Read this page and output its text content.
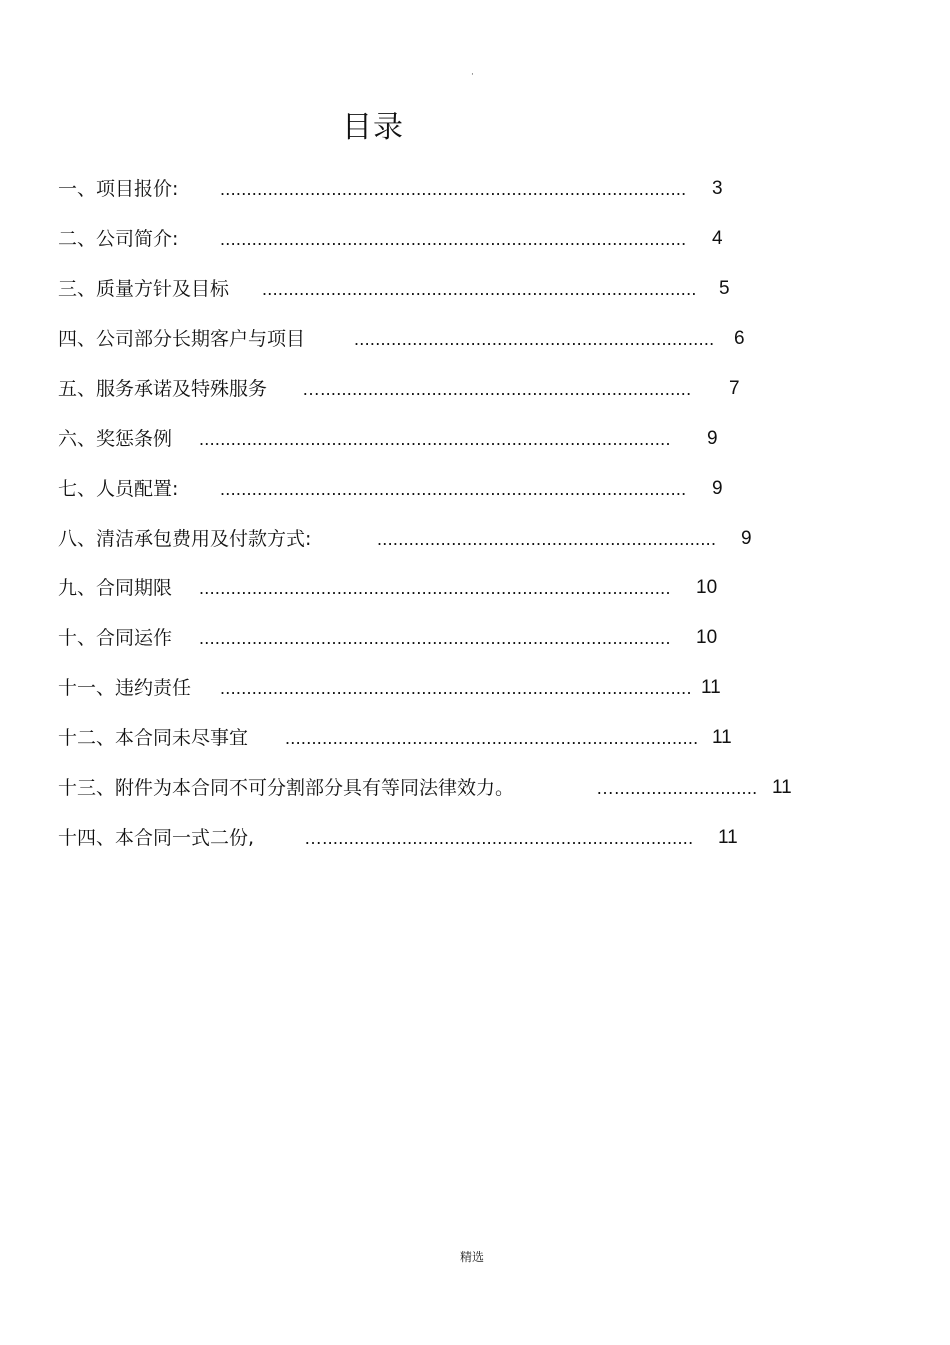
·
目录
一、项目报价: ........................................................................................	3
二、公司简介: ........................................................................................	4
三、质量方针及目标 ..................................................................................	5
四、公司部分长期客户与项目	....................................................................	6
五、服务承诺及特殊服务 …......................................................................	7
六、奖惩条例 .........................................................................................	9
七、人员配置: ........................................................................................	9
八、清洁承包费用及付款方式:	................................................................	9
九、合同期限 .........................................................................................	10
十、合同运作 .........................................................................................	10
十一、违约责任 ......................................................................................... 11
十二、本合同未尽事宜 .............................................................................. 11
十三、附件为本合同不可分割部分具有等同法律效力。	…........................... 11
十四、本合同一式二份,	…......................................................................	11
精选
